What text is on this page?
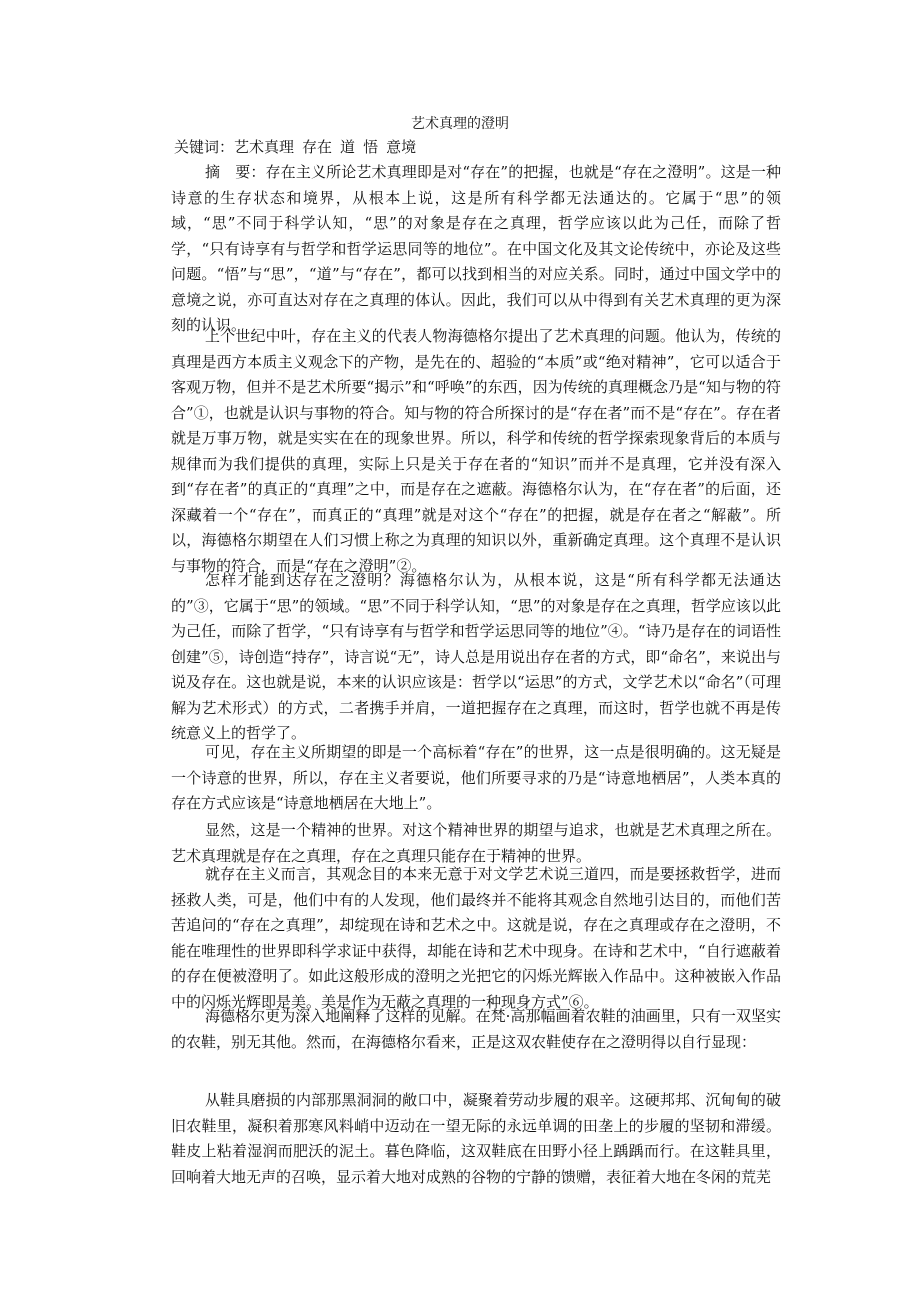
艺术真理的澄明
关键词：艺术真理 存在 道 悟 意境

摘　要：存在主义所论艺术真理即是对“存在”的把握，也就是“存在之澄明”。这是一种诗意的生存状态和境界，从根本上说，这是所有科学都无法通达的。它属于“思”的领域，“思”不同于科学认知，“思”的对象是存在之真理，哲学应该以此为己任，而除了哲学，“只有诗享有与哲学和哲学运思同等的地位”。在中国文化及其文论传统中，亦论及这些问题。“悟”与“思”，“道”与“存在”，都可以找到相当的对应关系。同时，通过中国文学中的意境之说，亦可直达对存在之真理的体认。因此，我们可以从中得到有关艺术真理的更为深刻的认识。

上个世纪中叶，存在主义的代表人物海德格尔提出了艺术真理的问题。他认为，传统的真理是西方本质主义观念下的产物，是先在的、超验的“本质”或“绝对精神”，它可以适合于客观万物，但并不是艺术所要“揭示”和“呼唤”的东西，因为传统的真理概念乃是“知与物的符合”①，也就是认识与事物的符合。知与物的符合所探讨的是“存在者”而不是“存在”。存在者就是万事万物，就是实实在在的现象世界。所以，科学和传统的哲学探索现象背后的本质与规律而为我们提供的真理，实际上只是关于存在者的“知识”而并不是真理，它并没有深入到“存在者”的真正的“真理”之中，而是存在之遮蔽。海德格尔认为，在“存在者”的后面，还深藏着一个“存在”，而真正的“真理”就是对这个“存在”的把握，就是存在者之“解蔽”。所以，海德格尔期望在人们习惯上称之为真理的知识以外，重新确定真理。这个真理不是认识与事物的符合，而是“存在之澄明”②。

怎样才能到达存在之澄明？海德格尔认为，从根本说，这是“所有科学都无法通达的”③，它属于“思”的领域。“思”不同于科学认知，“思”的对象是存在之真理，哲学应该以此为己任，而除了哲学，“只有诗享有与哲学和哲学运思同等的地位”④。“诗乃是存在的词语性创建”⑤，诗创造“持存”，诗言说“无”，诗人总是用说出存在者的方式，即“命名”，来说出与说及存在。这也就是说，本来的认识应该是：哲学以“运思”的方式，文学艺术以“命名”（可理解为艺术形式）的方式，二者携手并肩，一道把握存在之真理，而这时，哲学也就不再是传统意义上的哲学了。

可见，存在主义所期望的即是一个高标着“存在”的世界，这一点是很明确的。这无疑是一个诗意的世界，所以，存在主义者要说，他们所要寻求的乃是“诗意地栖居”，人类本真的存在方式应该是“诗意地栖居在大地上”。

显然，这是一个精神的世界。对这个精神世界的期望与追求，也就是艺术真理之所在。艺术真理就是存在之真理，存在之真理只能存在于精神的世界。

就存在主义而言，其观念目的本来无意于对文学艺术说三道四，而是要拯救哲学，进而拯救人类，可是，他们中有的人发现，他们最终并不能将其观念自然地引达目的，而他们苦苦追问的“存在之真理”，却绽现在诗和艺术之中。这就是说，存在之真理或存在之澄明，不能在唯理性的世界即科学求证中获得，却能在诗和艺术中现身。在诗和艺术中，“自行遮蔽着的存在便被澄明了。如此这般形成的澄明之光把它的闪烁光辉嵌入作品中。这种被嵌入作品中的闪烁光辉即是美。美是作为无蔽之真理的一种现身方式”⑥。

海德格尔更为深入地阐释了这样的见解。在梵·高那幅画着农鞋的油画里，只有一双坚实的农鞋，别无其他。然而，在海德格尔看来，正是这双农鞋使存在之澄明得以自行显现：

从鞋具磨损的内部那黑洞洞的敞口中，凝聚着劳动步履的艰辛。这硬邦邦、沉甸甸的破旧农鞋里，凝积着那寒风料峭中迈动在一望无际的永远单调的田垄上的步履的坚韧和滞缓。鞋皮上粘着湿润而肥沃的泥土。暮色降临，这双鞋底在田野小径上踽踽而行。在这鞋具里，回响着大地无声的召唤，显示着大地对成熟的谷物的宁静的馈赠，表征着大地在冬闲的荒芜
